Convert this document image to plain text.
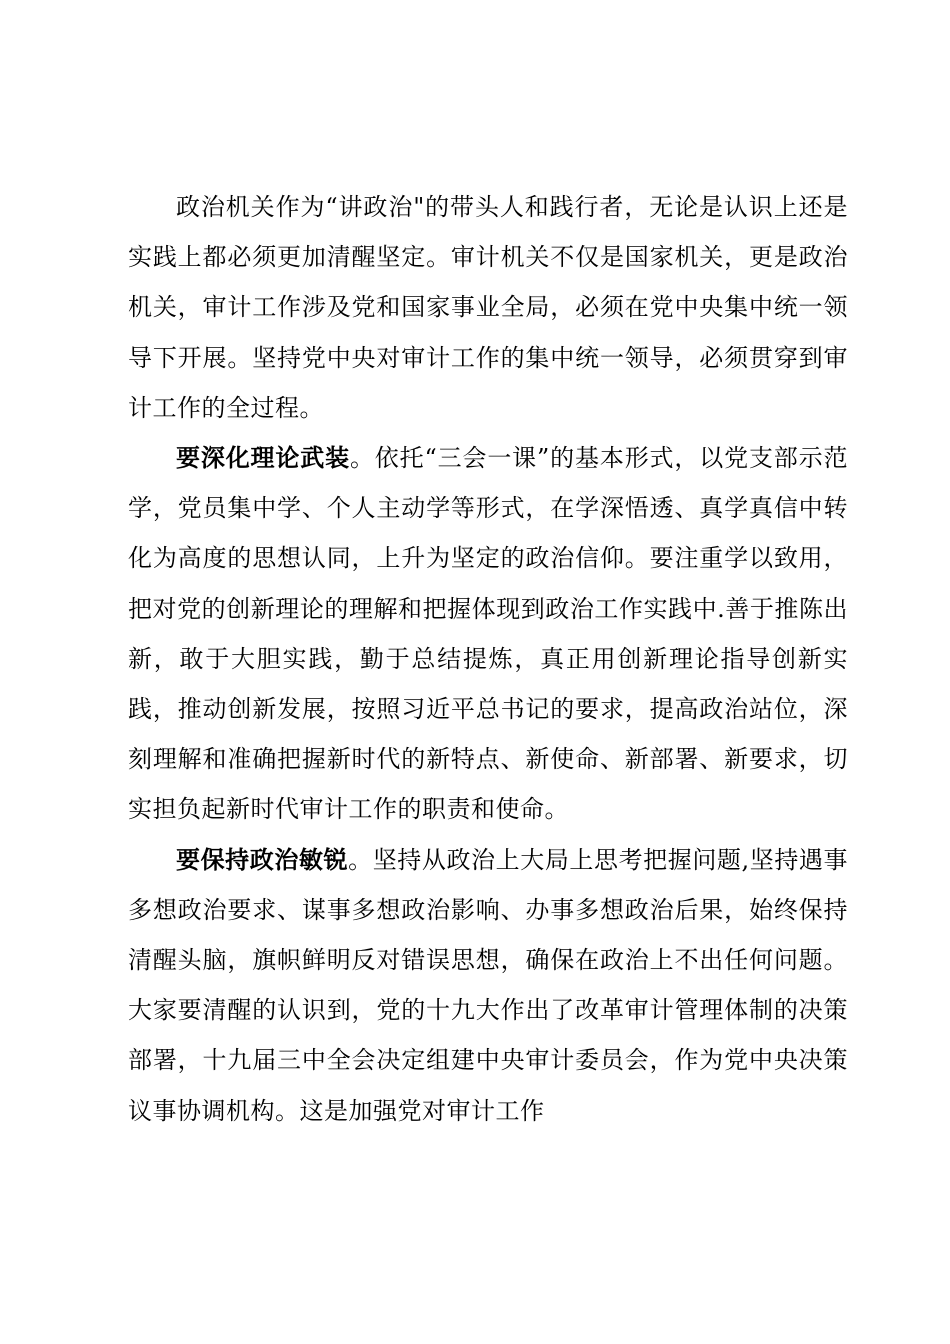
政治机关作为“讲政治"的带头人和践行者，无论是认识上还是实践上都必须更加清醒坚定。审计机关不仅是国家机关，更是政治机关，审计工作涉及党和国家事业全局，必须在党中央集中统一领导下开展。坚持党中央对审计工作的集中统一领导，必须贯穿到审计工作的全过程。

要深化理论武装。依托“三会一课”的基本形式，以党支部示范学，党员集中学、个人主动学等形式，在学深悟透、真学真信中转化为高度的思想认同，上升为坚定的政治信仰。要注重学以致用，把对党的创新理论的理解和把握体现到政治工作实践中.善于推陈出新，敢于大胆实践，勤于总结提炼，真正用创新理论指导创新实践，推动创新发展，按照习近平总书记的要求，提高政治站位，深刻理解和准确把握新时代的新特点、新使命、新部署、新要求，切实担负起新时代审计工作的职责和使命。

要保持政治敏锐。坚持从政治上大局上思考把握问题,坚持遇事多想政治要求、谋事多想政治影响、办事多想政治后果，始终保持清醒头脑，旗帜鲜明反对错误思想，确保在政治上不出任何问题。大家要清醒的认识到，党的十九大作出了改革审计管理体制的决策部署，十九届三中全会决定组建中央审计委员会，作为党中央决策议事协调机构。这是加强党对审计工作
